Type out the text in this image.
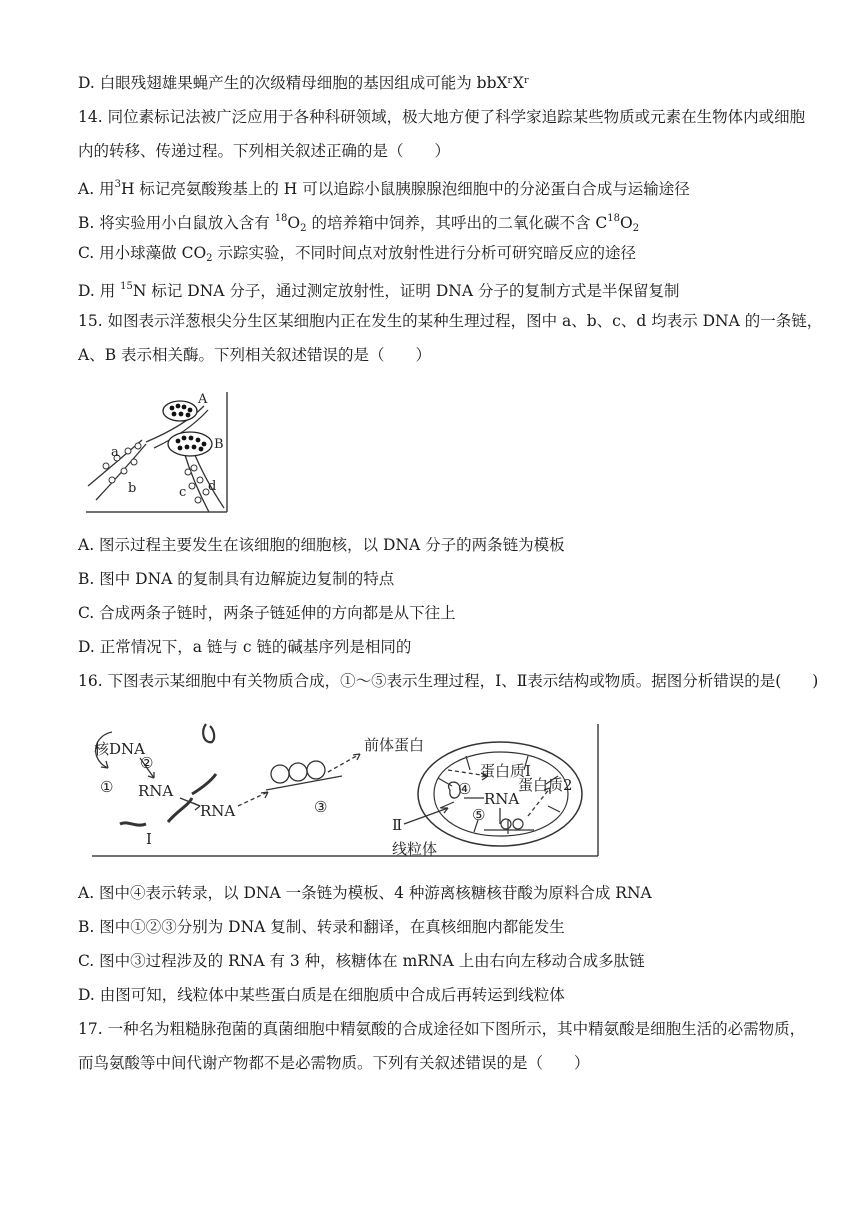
D. 白眼残翅雄果蝇产生的次级精母细胞的基因组成可能为 bbXʳXʳ
14. 同位素标记法被广泛应用于各种科研领域，极大地方便了科学家追踪某些物质或元素在生物体内或细胞
内的转移、传递过程。下列相关叙述正确的是（　　）
A. 用$^3$H 标记亮氨酸羧基上的 H 可以追踪小鼠胰腺腺泡细胞中的分泌蛋白合成与运输途径
B. 将实验用小白鼠放入含有 $^{18}O_2$ 的培养箱中饲养，其呼出的二氧化碳不含 $C^{18}O_2$
C. 用小球藻做 $CO_2$ 示踪实验，不同时间点对放射性进行分析可研究暗反应的途径
D. 用 $^{15}$N 标记 DNA 分子，通过测定放射性，证明 DNA 分子的复制方式是半保留复制
15. 如图表示洋葱根尖分生区某细胞内正在发生的某种生理过程，图中 a、b、c、d 均表示 DNA 的一条链，
A、B 表示相关酶。下列相关叙述错误的是（　　）
A
B
a
b	c d
A. 图示过程主要发生在该细胞的细胞核，以 DNA 分子的两条链为模板
B. 图中 DNA 的复制具有边解旋边复制的特点
C. 合成两条子链时，两条子链延伸的方向都是从下往上
D. 正常情况下，a 链与 c 链的碱基序列是相同的
16. 下图表示某细胞中有关物质合成，①～⑤表示生理过程，Ⅰ、Ⅱ表示结构或物质。据图分析错误的是(　　)
核DNA
①
②
RNA
RNA
Ⅰ
③
前体蛋白
蛋白质Ⅰ
蛋白质2
④
RNA
⑤
Ⅱ
线粒体
A. 图中④表示转录，以 DNA 一条链为模板、4 种游离核糖核苷酸为原料合成 RNA
B. 图中①②③分别为 DNA 复制、转录和翻译，在真核细胞内都能发生
C. 图中③过程涉及的 RNA 有 3 种，核糖体在 mRNA 上由右向左移动合成多肽链
D. 由图可知，线粒体中某些蛋白质是在细胞质中合成后再转运到线粒体
17. 一种名为粗糙脉孢菌的真菌细胞中精氨酸的合成途径如下图所示，其中精氨酸是细胞生活的必需物质，
而鸟氨酸等中间代谢产物都不是必需物质。下列有关叙述错误的是（　　）
